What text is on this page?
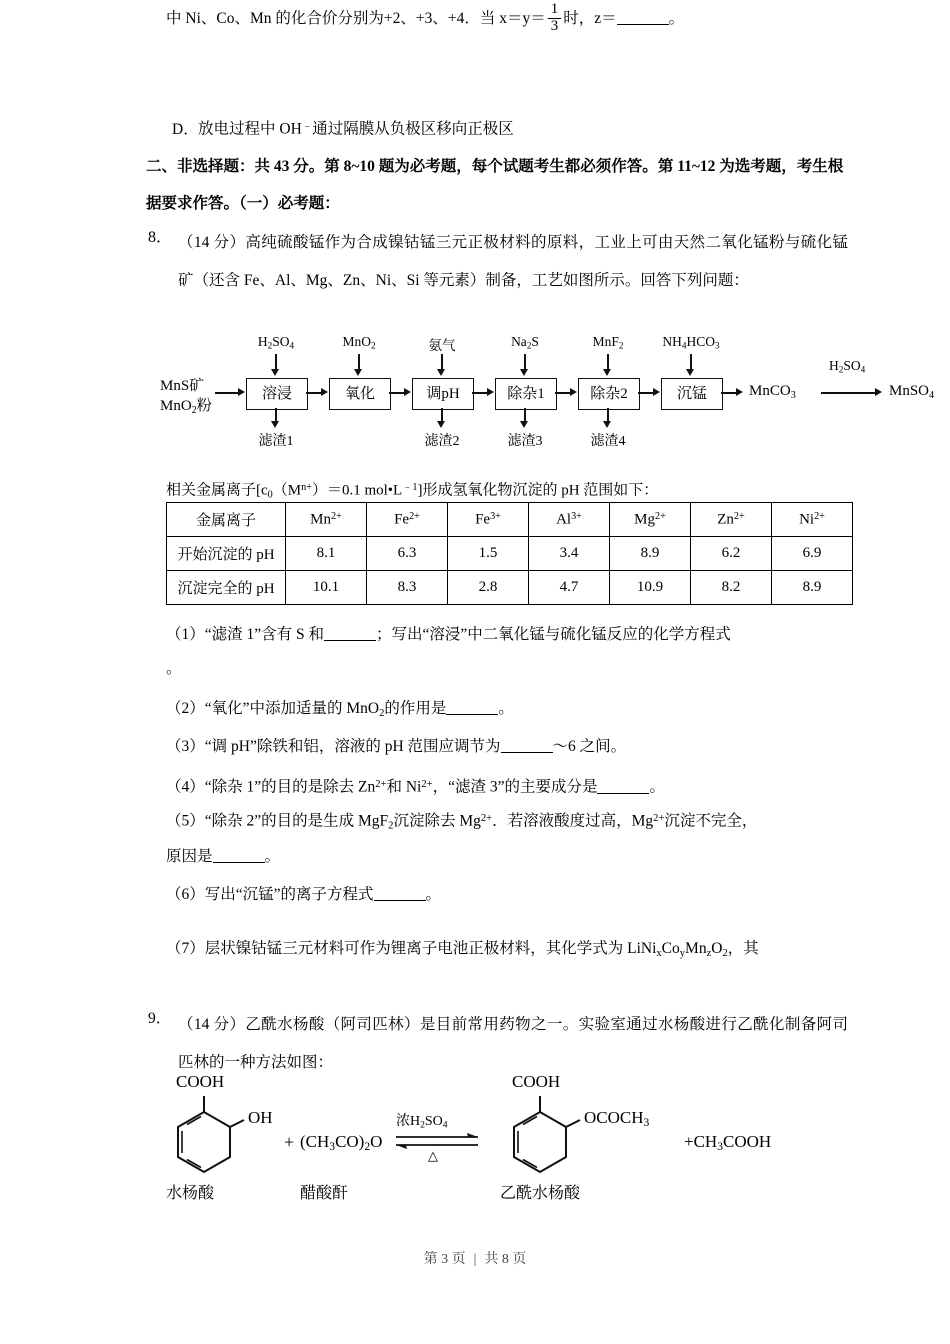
D．放电过程中 OH﹣通过隔膜从负极区移向正极区
二、非选择题：共 43 分。第 8~10 题为必考题，每个试题考生都必须作答。第 11~12 为选考题，考生根据要求作答。（一）必考题：
8． （14 分）高纯硫酸锰作为合成镍钴锰三元正极材料的原料，工业上可由天然二氧化锰粉与硫化锰矿（还含 Fe、Al、Mg、Zn、Ni、Si 等元素）制备，工艺如图所示。回答下列问题：
MnS矿
MnO$_2$粉
溶浸
$H_2SO_4$
氧化
MnO$_2$
调pH
氨气
除杂1
$Na_2S$
除杂2
MnF$_2$
沉锰
$NH_4HCO_3$
滤渣1	滤渣2	滤渣3	滤渣4
MnCO$_3$
$H_2SO_4$
MnSO$_4$
相关金属离子[$c_0(M^{n+})=0.1$ $mol•L^{﹣1}$]形成氢氧化物沉淀的 pH 范围如下：
金属离子	$Mn^{2+}$	$Fe^{2+}$	$Fe^{3+}$	$Al^{3+}$	$Mg^{2+}$	$Zn^{2+}$	$Ni^{2+}$
开始沉淀的 pH	8.1	6.3	1.5	3.4	8.9	6.2	6.9
沉淀完全的 pH	10.1	8.3	2.8	4.7	10.9	8.2	8.9
（1）“滤渣 1”含有 S 和	；写出“溶浸”中二氧化锰与硫化锰反应的化学方程式
。
（2）“氧化”中添加适量的 MnO$_2$的作用是	。
（3）“调 pH”除铁和铝，溶液的 pH 范围应调节为	～6 之间。
（4）“除杂 1”的目的是除去 $Zn^{2+}$和 $Ni^{2+}$，“滤渣 3”的主要成分是	。
（5）“除杂 2”的目的是生成 MgF$_2$沉淀除去 $Mg^{2+}$．若溶液酸度过高，$Mg^{2+}$沉淀不完全，
原因是	。
（6）写出“沉锰”的离子方程式	。
（7）层状镍钴锰三元材料可作为锂离子电池正极材料，其化学式为 $LiNi_xCo_yMn_zO_2$，其
中 Ni、Co、Mn 的化合价分别为+2、+3、+4．当 $x=y= \frac{1}{3}$ 时，z＝	。
9． （14 分）乙酰水杨酸（阿司匹林）是目前常用药物之一。实验室通过水杨酸进行乙酰化制备阿司匹林的一种方法如图：
COOH
OH
水杨酸
+ $(CH_3CO)_2O$
醋酸酐
浓$H_2SO_4$
△
COOH
$OCOCH_3$
乙酰水杨酸
$+CH_3COOH$
第 3 页 | 共 8 页
